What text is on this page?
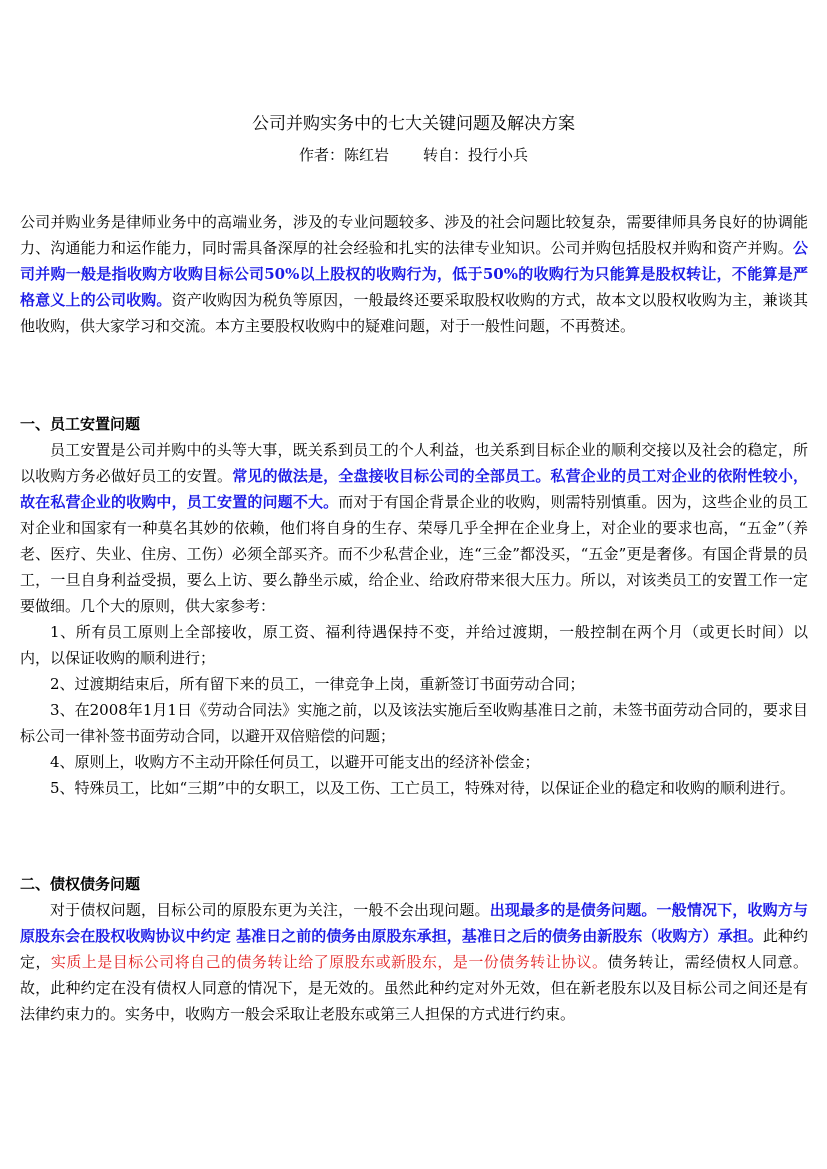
公司并购实务中的七大关键问题及解决方案
作者：陈红岩 转自：投行小兵

公司并购业务是律师业务中的高端业务，涉及的专业问题较多、涉及的社会问题比较复杂，需要律师具务良好的协调能力、沟通能力和运作能力，同时需具备深厚的社会经验和扎实的法律专业知识。公司并购包括股权并购和资产并购。公司并购一般是指收购方收购目标公司50%以上股权的收购行为，低于50%的收购行为只能算是股权转让，不能算是严格意义上的公司收购。资产收购因为税负等原因，一般最终还要采取股权收购的方式，故本文以股权收购为主，兼谈其他收购，供大家学习和交流。本方主要股权收购中的疑难问题，对于一般性问题，不再赘述。

一、员工安置问题

员工安置是公司并购中的头等大事，既关系到员工的个人利益，也关系到目标企业的顺利交接以及社会的稳定，所以收购方务必做好员工的安置。常见的做法是，全盘接收目标公司的全部员工。私营企业的员工对企业的依附性较小，故在私营企业的收购中，员工安置的问题不大。而对于有国企背景企业的收购，则需特别慎重。因为，这些企业的员工对企业和国家有一种莫名其妙的依赖，他们将自身的生存、荣辱几乎全押在企业身上，对企业的要求也高，“五金”（养老、医疗、失业、住房、工伤）必须全部买齐。而不少私营企业，连“三金”都没买，“五金”更是奢侈。有国企背景的员工，一旦自身利益受损，要么上访、要么静坐示威，给企业、给政府带来很大压力。所以，对该类员工的安置工作一定要做细。几个大的原则，供大家参考：

1、所有员工原则上全部接收，原工资、福利待遇保持不变，并给过渡期，一般控制在两个月（或更长时间）以内，以保证收购的顺利进行；

2、过渡期结束后，所有留下来的员工，一律竞争上岗，重新签订书面劳动合同；

3、在2008年1月1日《劳动合同法》实施之前，以及该法实施后至收购基准日之前，未签书面劳动合同的，要求目标公司一律补签书面劳动合同，以避开双倍赔偿的问题；

4、原则上，收购方不主动开除任何员工，以避开可能支出的经济补偿金；

5、特殊员工，比如“三期”中的女职工，以及工伤、工亡员工，特殊对待，以保证企业的稳定和收购的顺利进行。

二、债权债务问题

对于债权问题，目标公司的原股东更为关注，一般不会出现问题。出现最多的是债务问题。一般情况下，收购方与原股东会在股权收购协议中约定 基准日之前的债务由原股东承担，基准日之后的债务由新股东（收购方）承担。此种约定，实质上是目标公司将自己的债务转让给了原股东或新股东，是一份债务转让协议。债务转让，需经债权人同意。故，此种约定在没有债权人同意的情况下，是无效的。虽然此种约定对外无效，但在新老股东以及目标公司之间还是有法律约束力的。实务中，收购方一般会采取让老股东或第三人担保的方式进行约束。
